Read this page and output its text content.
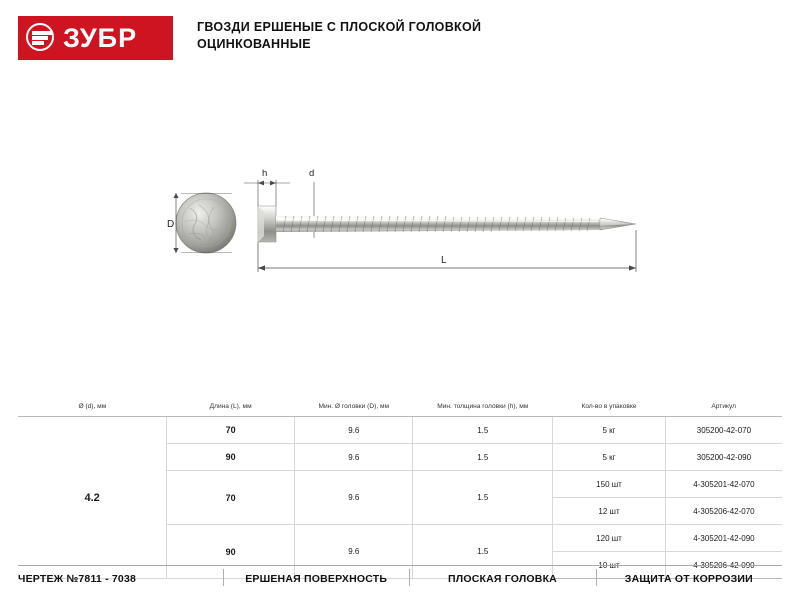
ЗУБР	ГВОЗДИ ЕРШЕНЫЕ С ПЛОСКОЙ ГОЛОВКОЙ
ОЦИНКОВАННЫЕ
D
h	d
L
Ø (d), мм	Длина (L), мм	Мин. Ø головки (D), мм	Мин. толщина головки (h), мм	Кол-во в упаковке	Артикул
4.2	70	9.6	1.5	5 кг	305200-42-070
	90	9.6	1.5	5 кг	305200-42-090
	70	9.6	1.5	150 шт	4-305201-42-070
				12 шт	4-305206-42-070
	90	9.6	1.5	120 шт	4-305201-42-090
				10 шт	4-305206-42-090
ЧЕРТЕЖ №7811 - 7038	ЕРШЕНАЯ ПОВЕРХНОСТЬ	ПЛОСКАЯ ГОЛОВКА	ЗАЩИТА ОТ КОРРОЗИИ
